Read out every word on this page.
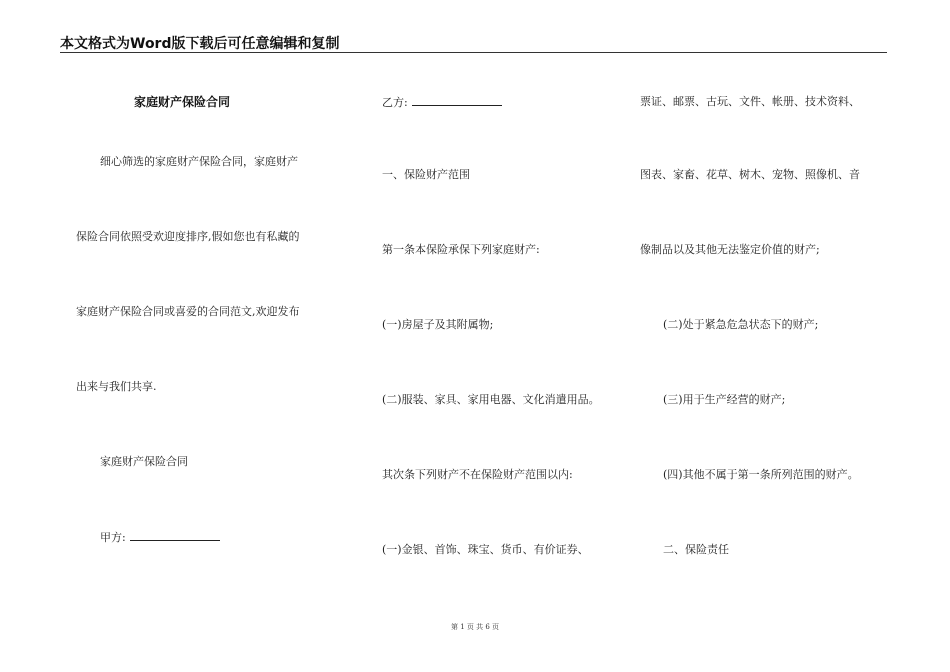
本文格式为Word版下载后可任意编辑和复制
家庭财产保险合同
细心筛选的家庭财产保险合同，家庭财产
保险合同依照受欢迎度排序,假如您也有私藏的
家庭财产保险合同或喜爱的合同范文,欢迎发布
出来与我们共享.
家庭财产保险合同
甲方:
乙方:
一、保险财产范围
第一条本保险承保下列家庭财产:
(一)房屋子及其附属物;
(二)服装、家具、家用电器、文化消遣用品。
其次条下列财产不在保险财产范围以内:
(一)金银、首饰、珠宝、货币、有价证券、
票证、邮票、古玩、文件、帐册、技术资料、
图表、家畜、花草、树木、宠物、照像机、音
像制品以及其他无法鉴定价值的财产;
(二)处于紧急危急状态下的财产;
(三)用于生产经营的财产;
(四)其他不属于第一条所列范围的财产。
二、保险责任
第 1 页 共 6 页
